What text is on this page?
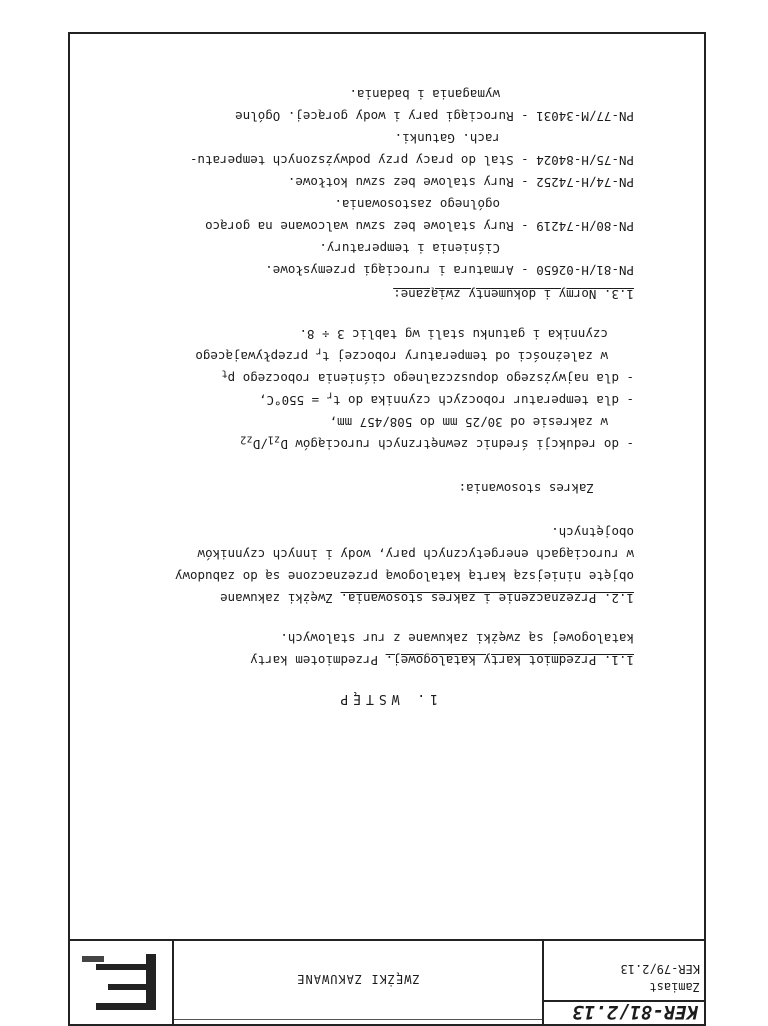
KER-81/2.13
Zamiast
KER-79/2.13
ZWĘŻKI ZAKUWANE
1. WSTĘP
1.1. Przedmiot karty katalogowej. Przedmiotem karty
katalogowej są zwężki zakuwane z rur stalowych.
1.2. Przeznaczenie i zakres stosowania. Zwężki zakuwane
objęte niniejszą kartą katalogową przeznaczone są do zabudowy
w rurociągach energetycznych pary, wody i innych czynników
obojętnych.
Zakres stosowania:
- do redukcji średnic zewnętrznych rurociągów $D_{z1}/D_{z2}$
w zakresie od 30/25 mm do 508/457 mm,
- dla temperatur roboczych czynnika do $t_r = 550^\circ C$,
- dla najwyższego dopuszczalnego ciśnienia roboczego $p_t$
w zależności od temperatury roboczej $t_r$ przepływającego
czynnika i gatunku stali wg tablic 3 ÷ 8.
1.3. Normy i dokumenty związane:
PN-81/H-02650 - Armatura i rurociągi przemysłowe.
Ciśnienia i temperatury.
PN-80/H-74219 - Rury stalowe bez szwu walcowane na gorąco
ogólnego zastosowania.
PN-74/H-74252 - Rury stalowe bez szwu kotłowe.
PN-75/H-84024 - Stal do pracy przy podwyższonych temperatu-
rach. Gatunki.
PN-77/M-34031 - Rurociągi pary i wody gorącej. Ogólne
wymagania i badania.
